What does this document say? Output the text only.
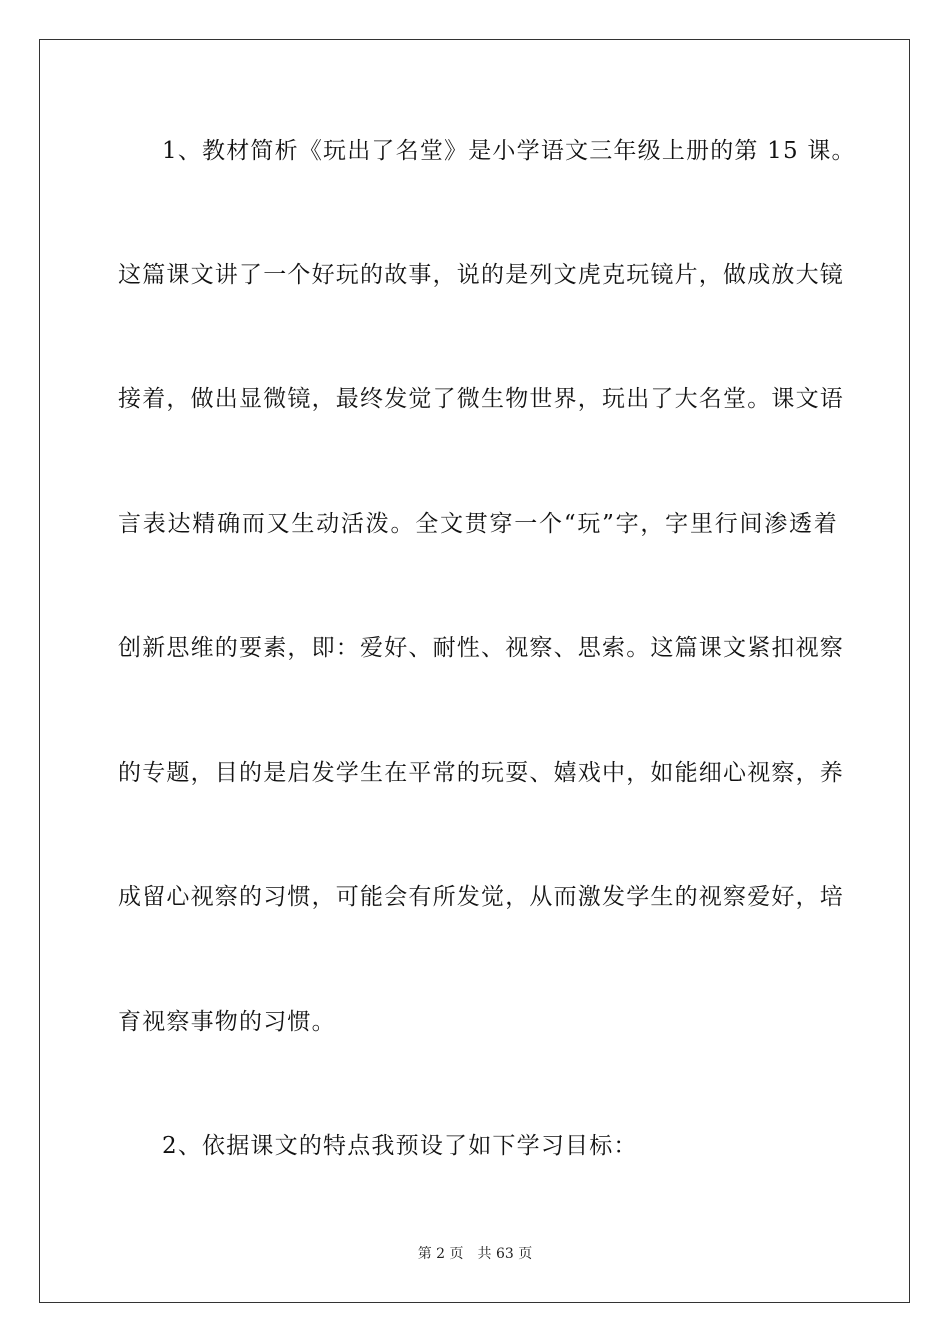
1、教材简析《玩出了名堂》是小学语文三年级上册的第 15 课。
这篇课文讲了一个好玩的故事，说的是列文虎克玩镜片，做成放大镜
接着，做出显微镜，最终发觉了微生物世界，玩出了大名堂。课文语
言表达精确而又生动活泼。全文贯穿一个“玩”字，字里行间渗透着
创新思维的要素，即：爱好、耐性、视察、思索。这篇课文紧扣视察
的专题，目的是启发学生在平常的玩耍、嬉戏中，如能细心视察，养
成留心视察的习惯，可能会有所发觉，从而激发学生的视察爱好，培
育视察事物的习惯。
2、依据课文的特点我预设了如下学习目标：
第 2 页 共 63 页
